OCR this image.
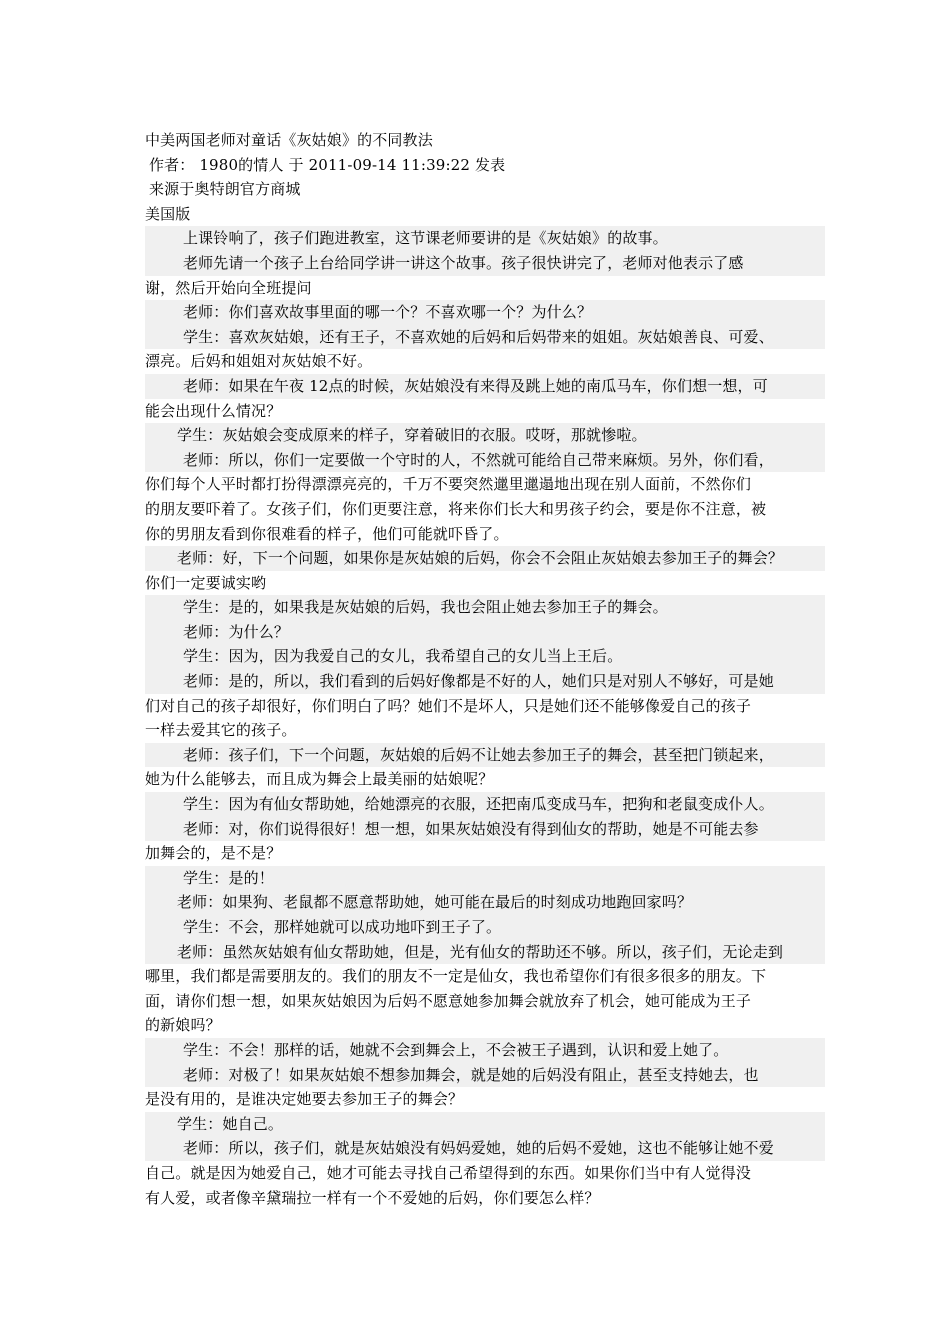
中美两国老师对童话《灰姑娘》的不同教法
作者： 1980的情人 于 2011-09-14 11:39:22 发表
来源于奥特朗官方商城
美国版
上课铃响了，孩子们跑进教室，这节课老师要讲的是《灰姑娘》的故事。
老师先请一个孩子上台给同学讲一讲这个故事。孩子很快讲完了，老师对他表示了感
谢，然后开始向全班提问
老师：你们喜欢故事里面的哪一个？不喜欢哪一个？为什么？
学生：喜欢灰姑娘，还有王子，不喜欢她的后妈和后妈带来的姐姐。灰姑娘善良、可爱、
漂亮。后妈和姐姐对灰姑娘不好。
老师：如果在午夜 12点的时候，灰姑娘没有来得及跳上她的南瓜马车，你们想一想，可
能会出现什么情况？
学生：灰姑娘会变成原来的样子，穿着破旧的衣服。哎呀，那就惨啦。
老师：所以，你们一定要做一个守时的人，不然就可能给自己带来麻烦。另外，你们看，
你们每个人平时都打扮得漂漂亮亮的，千万不要突然邋里邋遢地出现在别人面前，不然你们
的朋友要吓着了。女孩子们，你们更要注意，将来你们长大和男孩子约会，要是你不注意，被
你的男朋友看到你很难看的样子，他们可能就吓昏了。
老师：好，下一个问题，如果你是灰姑娘的后妈，你会不会阻止灰姑娘去参加王子的舞会？
你们一定要诚实哟
学生：是的，如果我是灰姑娘的后妈，我也会阻止她去参加王子的舞会。
老师：为什么？
学生：因为，因为我爱自己的女儿，我希望自己的女儿当上王后。
老师：是的，所以，我们看到的后妈好像都是不好的人，她们只是对别人不够好，可是她
们对自己的孩子却很好，你们明白了吗？她们不是坏人，只是她们还不能够像爱自己的孩子
一样去爱其它的孩子。
老师：孩子们，下一个问题，灰姑娘的后妈不让她去参加王子的舞会，甚至把门锁起来，
她为什么能够去，而且成为舞会上最美丽的姑娘呢？
学生：因为有仙女帮助她，给她漂亮的衣服，还把南瓜变成马车，把狗和老鼠变成仆人。
老师：对，你们说得很好！想一想，如果灰姑娘没有得到仙女的帮助，她是不可能去参
加舞会的，是不是？
学生：是的！
老师：如果狗、老鼠都不愿意帮助她，她可能在最后的时刻成功地跑回家吗？
学生：不会，那样她就可以成功地吓到王子了。
老师：虽然灰姑娘有仙女帮助她，但是，光有仙女的帮助还不够。所以，孩子们，无论走到
哪里，我们都是需要朋友的。我们的朋友不一定是仙女，我也希望你们有很多很多的朋友。下
面，请你们想一想，如果灰姑娘因为后妈不愿意她参加舞会就放弃了机会，她可能成为王子
的新娘吗？
学生：不会！那样的话，她就不会到舞会上，不会被王子遇到，认识和爱上她了。
老师：对极了！如果灰姑娘不想参加舞会，就是她的后妈没有阻止，甚至支持她去，也
是没有用的，是谁决定她要去参加王子的舞会？
学生：她自己。
老师：所以，孩子们，就是灰姑娘没有妈妈爱她，她的后妈不爱她，这也不能够让她不爱
自己。就是因为她爱自己，她才可能去寻找自己希望得到的东西。如果你们当中有人觉得没
有人爱，或者像辛黛瑞拉一样有一个不爱她的后妈，你们要怎么样？
